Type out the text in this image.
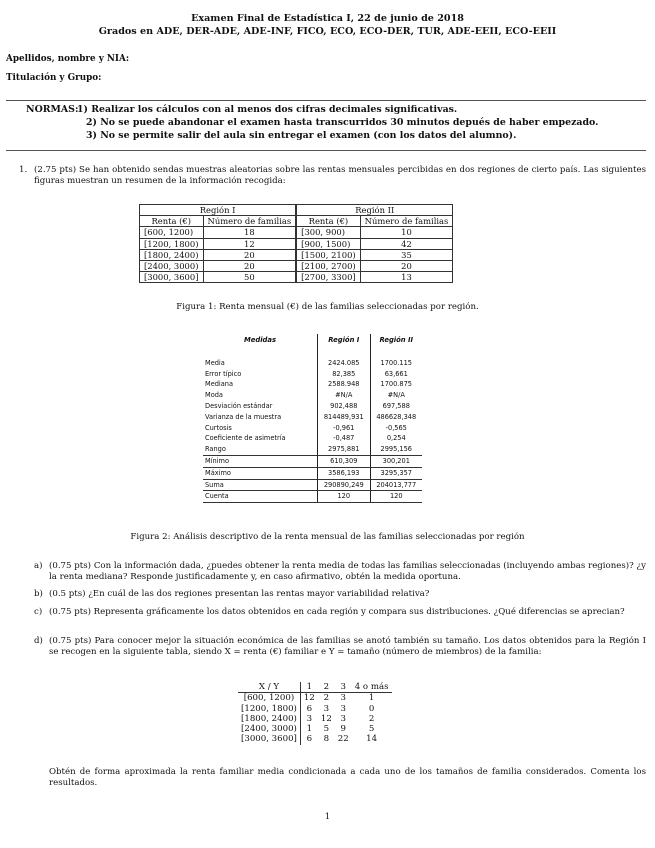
Examen Final de Estadística I, 22 de junio de 2018
Grados en ADE, DER-ADE, ADE-INF, FICO, ECO, ECO-DER, TUR, ADE-EEII, ECO-EEII
Apellidos, nombre y NIA:
Titulación y Grupo:
NORMAS:
1) Realizar los cálculos con al menos dos cifras decimales significativas.
2) No se puede abandonar el examen hasta transcurridos 30 minutos depués de haber empezado.
3) No se permite salir del aula sin entregar el examen (con los datos del alumno).
1. (2.75 pts) Se han obtenido sendas muestras aleatorias sobre las rentas mensuales percibidas en dos regiones de cierto país. Las siguientes figuras muestran un resumen de la información recogida:
Región I		Región II	
Renta (€)	Número de familias	Renta (€)	Número de familias
[600, 1200)	18	[300, 900)	10
[1200, 1800)	12	[900, 1500)	42
[1800, 2400)	20	[1500, 2100)	35
[2400, 3000)	20	[2100, 2700)	20
[3000, 3600]	50	[2700, 3300]	13
Figura 1: Renta mensual (€) de las familias seleccionadas por región.
Medidas	Región I	Región II

Media	2424.085	1700.115
Error típico	82,385	63,661
Mediana	2588.948	1700.875
Moda	#N/A	#N/A
Desviación estándar	902,488	697,588
Varianza de la muestra	814489,931	486628,348
Curtosis	-0,961	-0,565
Coeficiente de asimetría	-0,487	0,254
Rango	2975,881	2995,156
Mínimo	610,309	300,201
Máximo	3586,193	3295,357
Suma	290890,249	204013,777
Cuenta	120	120
Figura 2: Análisis descriptivo de la renta mensual de las familias seleccionadas por región
a) (0.75 pts) Con la información dada, ¿puedes obtener la renta media de todas las familias seleccionadas (incluyendo ambas regiones)? ¿y la renta mediana? Responde justificadamente y, en caso afirmativo, obtén la medida oportuna.
b) (0.5 pts) ¿En cuál de las dos regiones presentan las rentas mayor variabilidad relativa?
c) (0.75 pts) Representa gráficamente los datos obtenidos en cada región y compara sus distribuciones. ¿Qué diferencias se aprecian?
d) (0.75 pts) Para conocer mejor la situación económica de las familias se anotó también su tamaño. Los datos obtenidos para la Región I se recogen en la siguiente tabla, siendo X = renta (€) familiar e Y = tamaño (número de miembros) de la familia:
X / Y	1	2	3	4 o más
[600, 1200)	12	2	3	1
[1200, 1800)	6	3	3	0
[1800, 2400)	3	12	3	2
[2400, 3000)	1	5	9	5
[3000, 3600]	6	8	22	14
Obtén de forma aproximada la renta familiar media condicionada a cada uno de los tamaños de familia considerados. Comenta los resultados.
1
